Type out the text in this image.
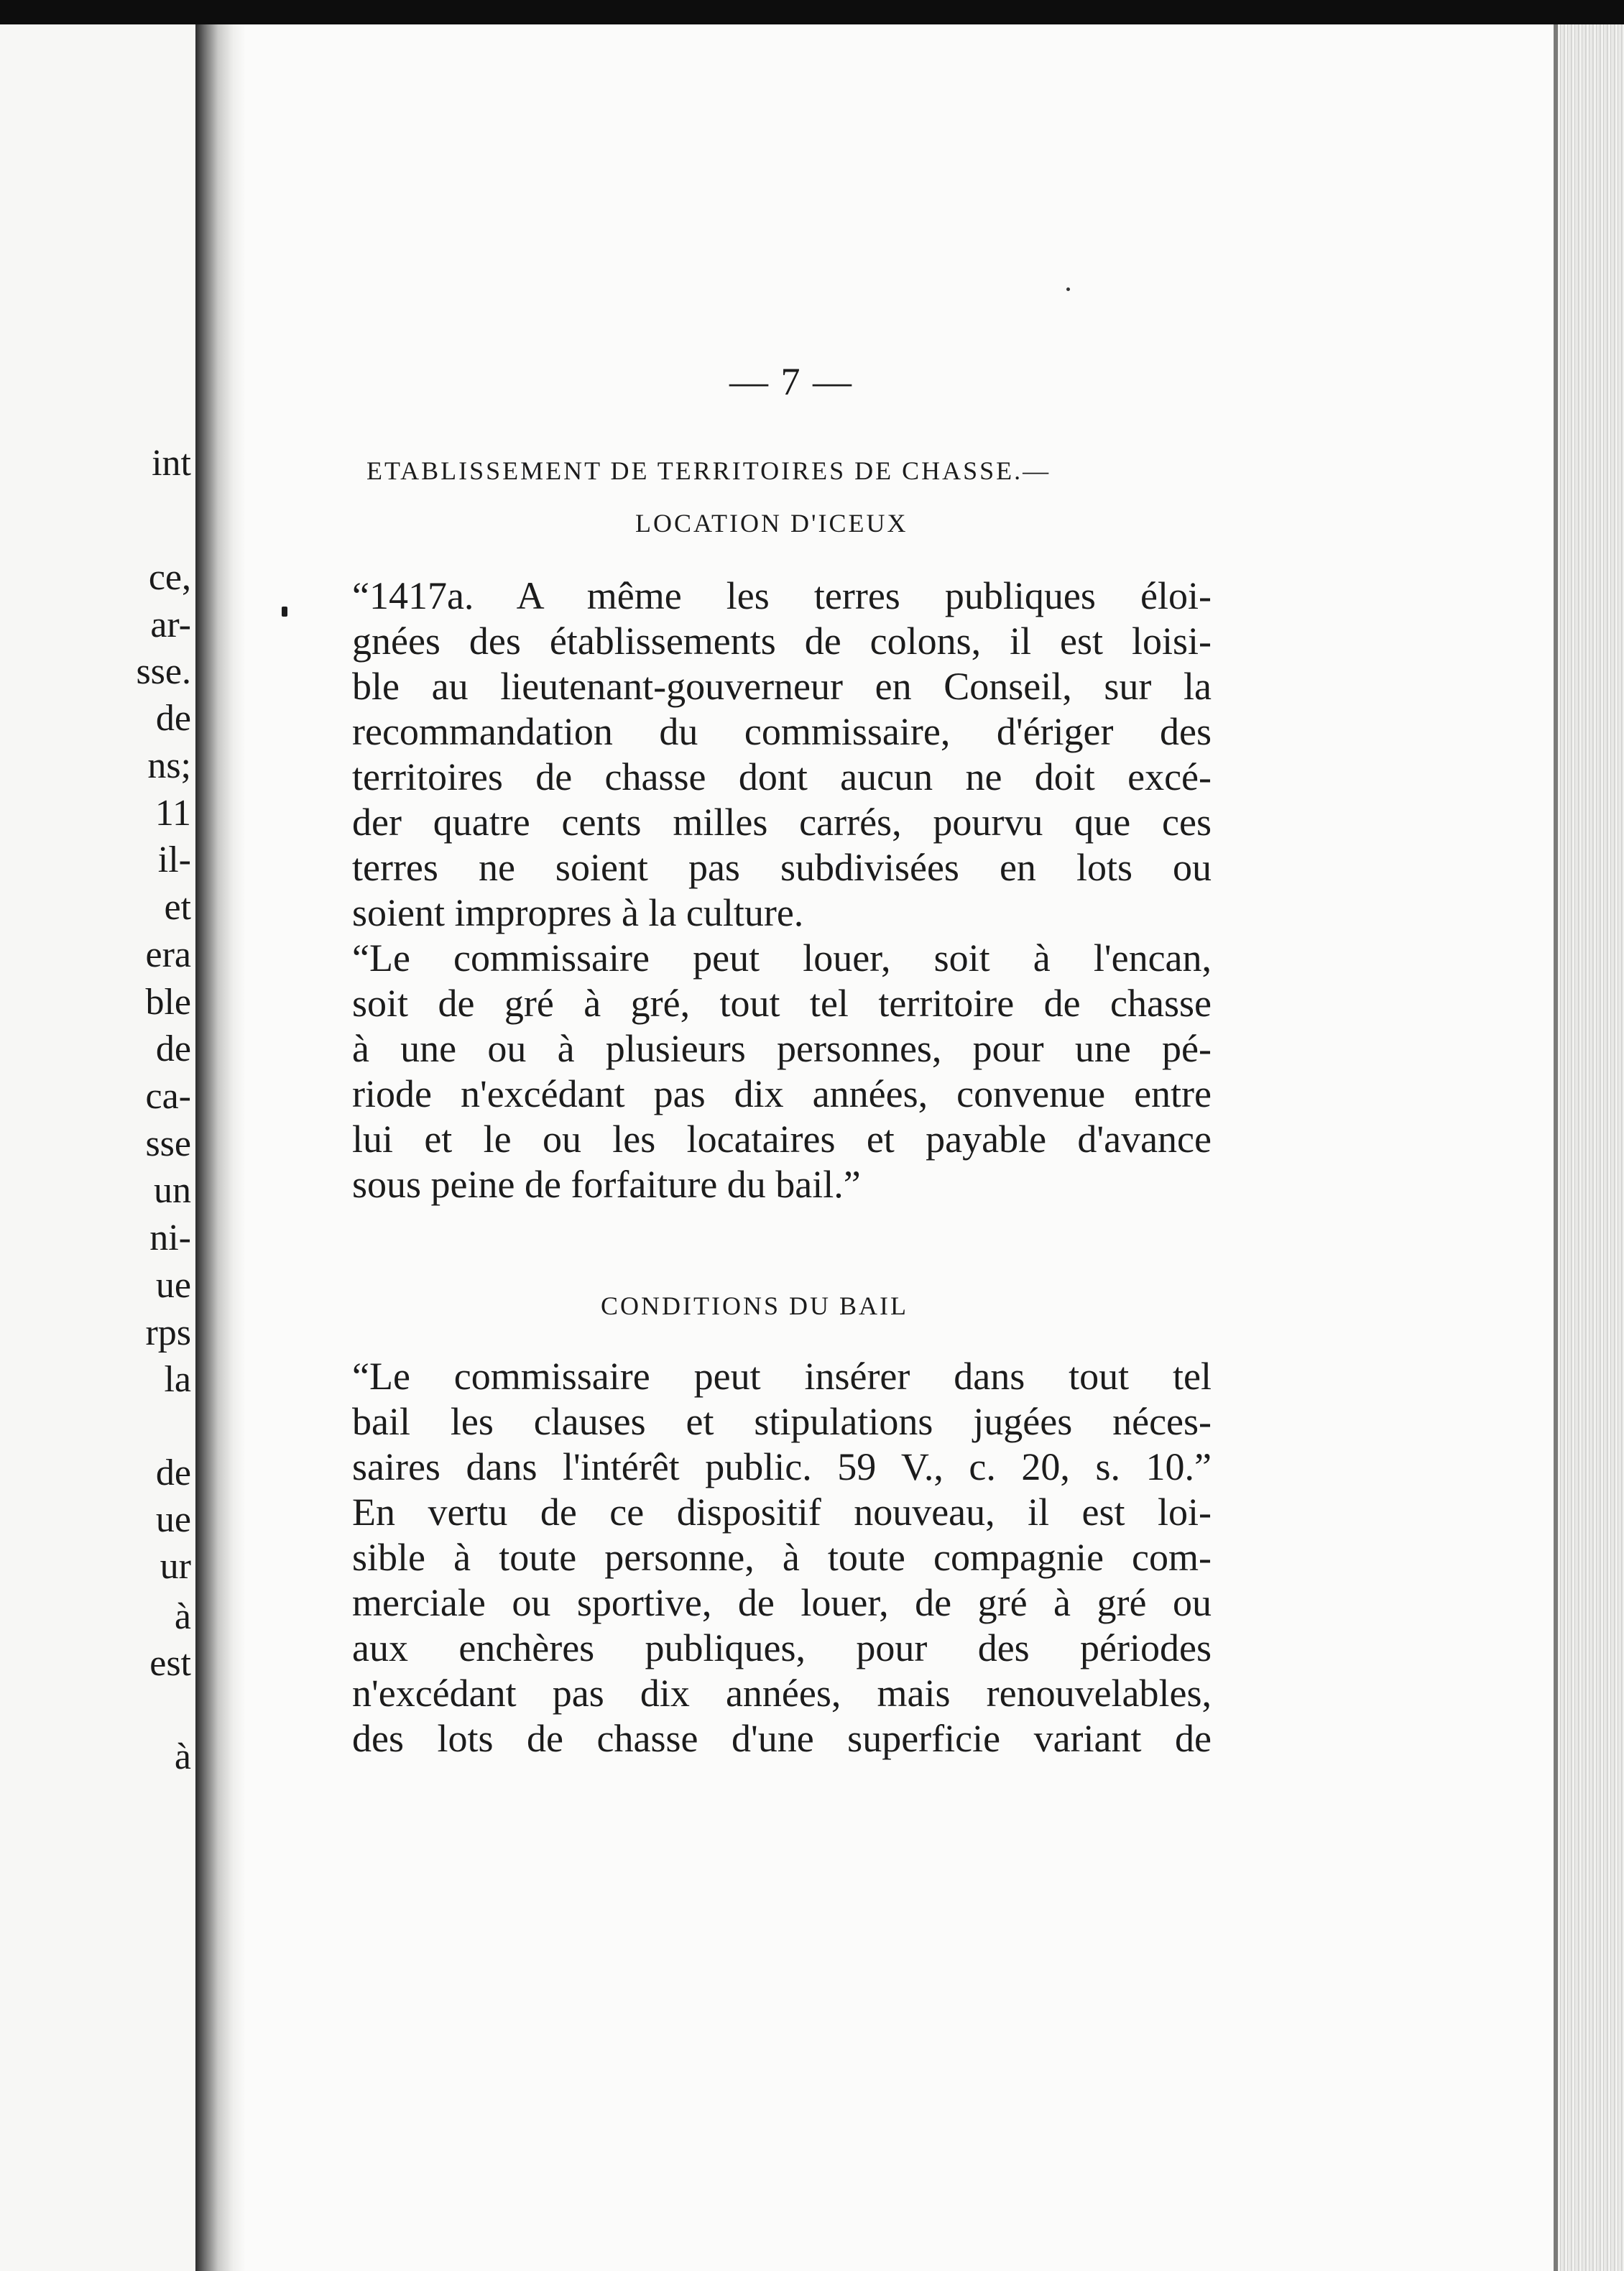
int
ce,
ar-
sse.
de
ns;
11
il-
et
era
ble
de
ca-
sse
un
ni-
ue
rps
la
de
ue
ur
à
est
à
— 7 —
ETABLISSEMENT DE TERRITOIRES DE CHASSE.—
LOCATION D'ICEUX
“1417a. A même les terres publiques éloi-
gnées des établissements de colons, il est loisi-
ble au lieutenant-gouverneur en Conseil, sur la
recommandation du commissaire, d'ériger des
territoires de chasse dont aucun ne doit excé-
der quatre cents milles carrés, pourvu que ces
terres ne soient pas subdivisées en lots ou
soient impropres à la culture.
“Le commissaire peut louer, soit à l'encan,
soit de gré à gré, tout tel territoire de chasse
à une ou à plusieurs personnes, pour une pé-
riode n'excédant pas dix années, convenue entre
lui et le ou les locataires et payable d'avance
sous peine de forfaiture du bail.”
CONDITIONS DU BAIL
“Le commissaire peut insérer dans tout tel
bail les clauses et stipulations jugées néces-
saires dans l'intérêt public. 59 V., c. 20, s. 10.”
En vertu de ce dispositif nouveau, il est loi-
sible à toute personne, à toute compagnie com-
merciale ou sportive, de louer, de gré à gré ou
aux enchères publiques, pour des périodes
n'excédant pas dix années, mais renouvelables,
des lots de chasse d'une superficie variant de
